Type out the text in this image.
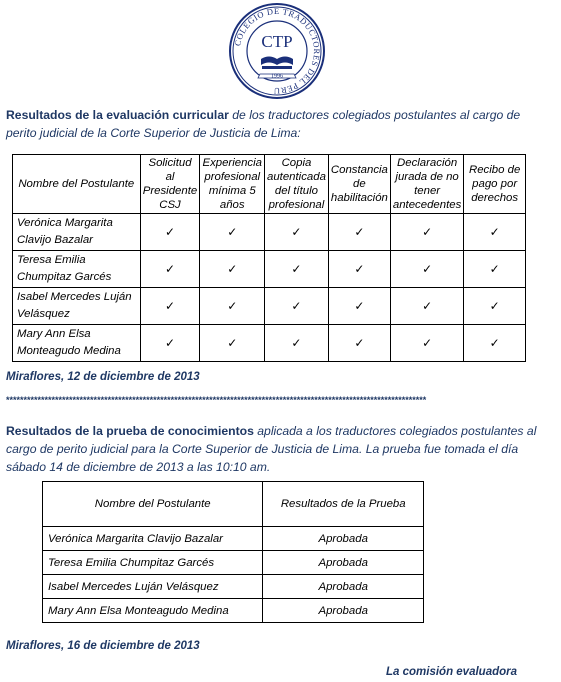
COLEGIO DE TRADUCTORES DEL PERU
CTP
1996
Resultados de la evaluación curricular de los traductores colegiados postulantes al cargo de perito judicial de la Corte Superior de Justicia de Lima:
Nombre del Postulante	Solicitud al Presidente CSJ	Experiencia profesional mínima 5 años	Copia autenticada del título profesional	Constancia de habilitación	Declaración jurada de no tener antecedentes	Recibo de pago por derechos
Verónica Margarita Clavijo Bazalar	✓	✓	✓	✓	✓	✓
Teresa Emilia Chumpitaz Garcés	✓	✓	✓	✓	✓	✓
Isabel Mercedes Luján Velásquez	✓	✓	✓	✓	✓	✓
Mary Ann Elsa Monteagudo Medina	✓	✓	✓	✓	✓	✓
Miraflores, 12 de diciembre de 2013
************************************************************************************************************************
Resultados de la prueba de conocimientos aplicada a los traductores colegiados postulantes al cargo de perito judicial para la Corte Superior de Justicia de Lima. La prueba fue tomada el día sábado 14 de diciembre de 2013 a las 10:10 am.
Nombre del Postulante	Resultados de la Prueba
Verónica Margarita Clavijo Bazalar	Aprobada
Teresa Emilia Chumpitaz Garcés	Aprobada
Isabel Mercedes Luján Velásquez	Aprobada
Mary Ann Elsa Monteagudo Medina	Aprobada
Miraflores, 16 de diciembre de 2013
La comisión evaluadora
